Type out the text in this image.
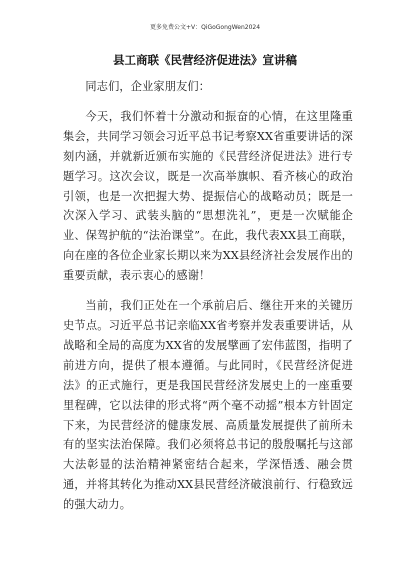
更多免费公文+V：QiGoGongWen2024
县工商联《民营经济促进法》宣讲稿

同志们，企业家朋友们：

今天，我们怀着十分激动和振奋的心情，在这里隆重集会，共同学习领会习近平总书记考察XX省重要讲话的深刻内涵，并就新近颁布实施的《民营经济促进法》进行专题学习。这次会议，既是一次高举旗帜、看齐核心的政治引领，也是一次把握大势、提振信心的战略动员；既是一次深入学习、武装头脑的“思想洗礼”，更是一次赋能企业、保驾护航的“法治课堂”。在此，我代表XX县工商联，向在座的各位企业家长期以来为XX县经济社会发展作出的重要贡献，表示衷心的感谢！

当前，我们正处在一个承前启后、继往开来的关键历史节点。习近平总书记亲临XX省考察并发表重要讲话，从战略和全局的高度为XX省的发展擘画了宏伟蓝图，指明了前进方向，提供了根本遵循。与此同时，《民营经济促进法》的正式施行，更是我国民营经济发展史上的一座重要里程碑，它以法律的形式将“两个毫不动摇”根本方针固定下来，为民营经济的健康发展、高质量发展提供了前所未有的坚实法治保障。我们必须将总书记的殷殷嘱托与这部大法彰显的法治精神紧密结合起来，学深悟透、融会贯通，并将其转化为推动XX县民营经济破浪前行、行稳致远的强大动力。
